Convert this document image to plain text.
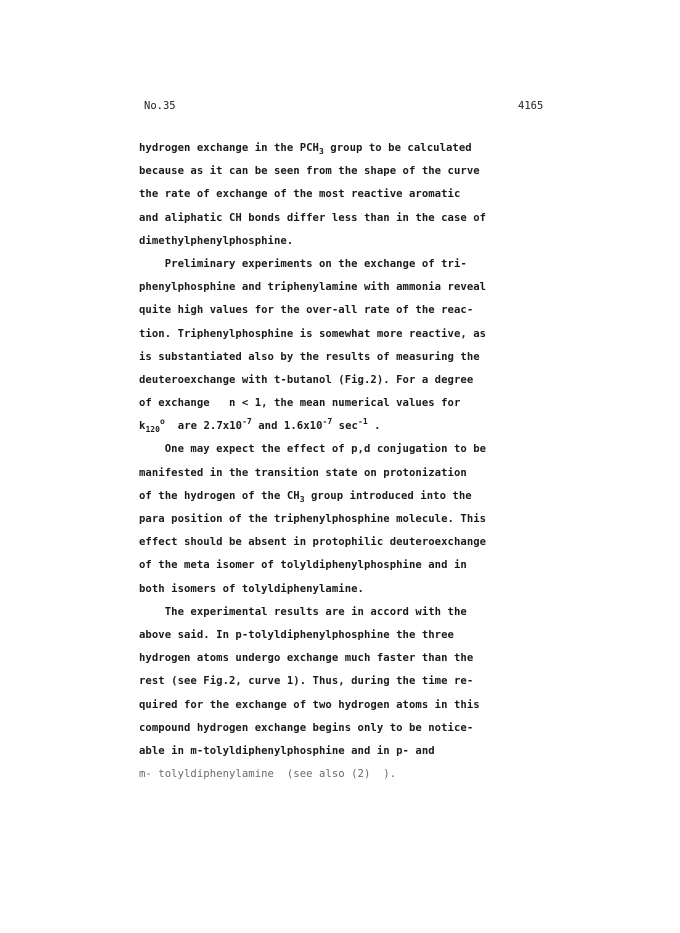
No.35	4165
hydrogen exchange in the $PCH_3$ group to be calculated
because as it can be seen from the shape of the curve
the rate of exchange of the most reactive aromatic
and aliphatic CH bonds differ less than in the case of
dimethylphenylphosphine.
Preliminary experiments on the exchange of tri-
phenylphosphine and triphenylamine with ammonia reveal
quite high values for the over-all rate of the reac-
tion. Triphenylphosphine is somewhat more reactive, as
is substantiated also by the results of measuring the
deuteroexchange with t-butanol (Fig.2). For a degree
of exchange   n < 1, the mean numerical values for
$k_{120}^o$  are $2.7x10^{-7}$ and $1.6x10^{-7}$ $\sec^{-1}$ .
One may expect the effect of p,d conjugation to be
manifested in the transition state on protonization
of the hydrogen of the $CH_3$ group introduced into the
para position of the triphenylphosphine molecule. This
effect should be absent in protophilic deuteroexchange
of the meta isomer of tolyldiphenylphosphine and in
both isomers of tolyldiphenylamine.
The experimental results are in accord with the
above said. In p-tolyldiphenylphosphine the three
hydrogen atoms undergo exchange much faster than the
rest (see Fig.2, curve 1). Thus, during the time re-
quired for the exchange of two hydrogen atoms in this
compound hydrogen exchange begins only to be notice-
able in m-tolyldiphenylphosphine and in p- and
m- tolyldiphenylamine  (see also (2)  ).
